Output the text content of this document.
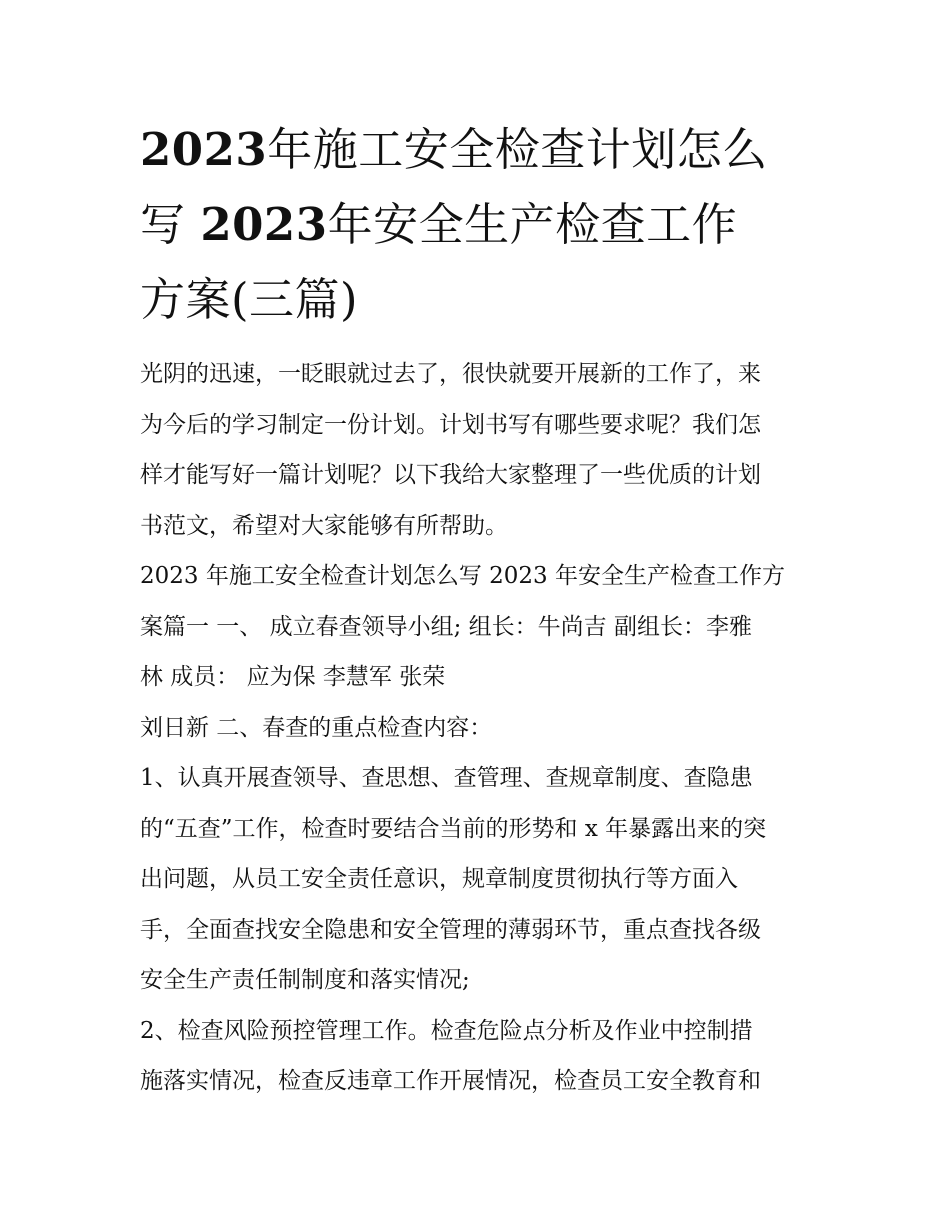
2023年施工安全检查计划怎么
写 2023年安全生产检查工作
方案(三篇)

光阴的迅速，一眨眼就过去了，很快就要开展新的工作了，来
为今后的学习制定一份计划。计划书写有哪些要求呢？我们怎
样才能写好一篇计划呢？以下我给大家整理了一些优质的计划
书范文，希望对大家能够有所帮助。

2023 年施工安全检查计划怎么写 2023 年安全生产检查工作方
案篇一 一、 成立春查领导小组; 组长：牛尚吉 副组长：李雅
林 成员： 应为保 李慧军 张荣

刘日新 二、春查的重点检查内容：

1、认真开展查领导、查思想、查管理、查规章制度、查隐患
的“五查”工作，检查时要结合当前的形势和 x 年暴露出来的突
出问题，从员工安全责任意识，规章制度贯彻执行等方面入
手，全面查找安全隐患和安全管理的薄弱环节，重点查找各级
安全生产责任制制度和落实情况;

2、检查风险预控管理工作。检查危险点分析及作业中控制措
施落实情况，检查反违章工作开展情况，检查员工安全教育和
